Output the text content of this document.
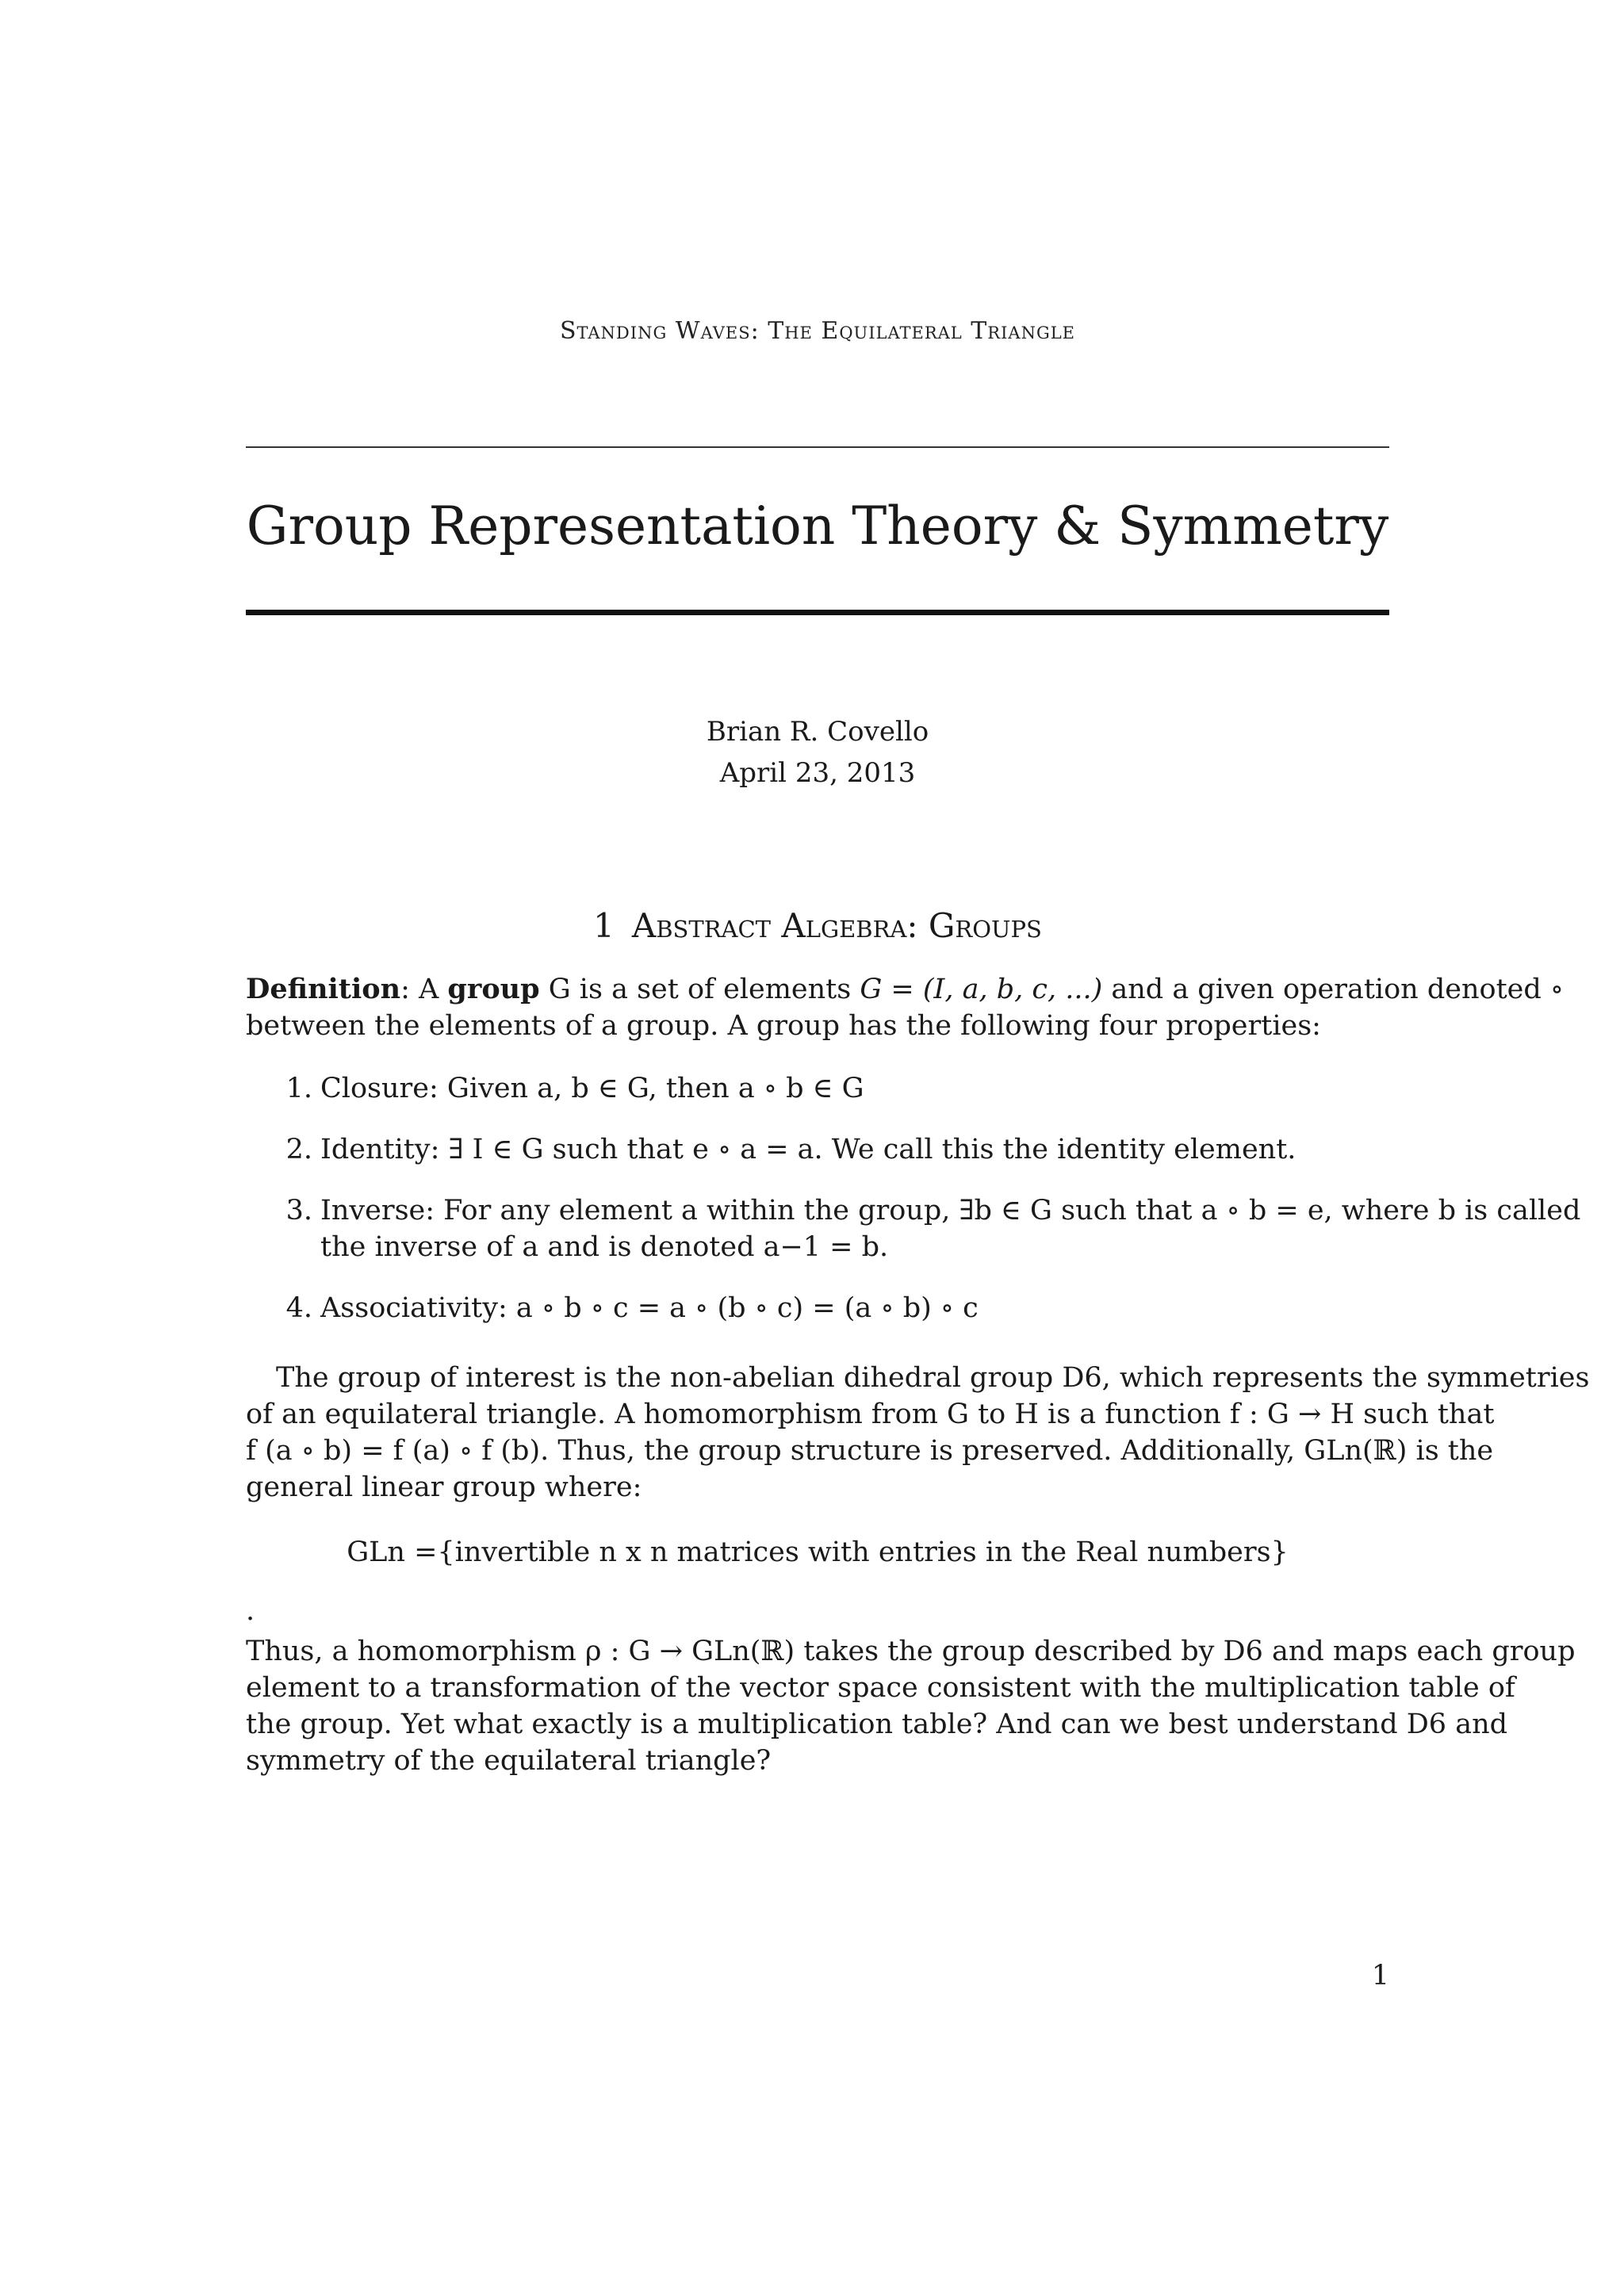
Standing Waves: The Equilateral Triangle
Group Representation Theory & Symmetry
Brian R. Covello
April 23, 2013
1 Abstract Algebra: Groups
Definition: A group G is a set of elements G = (I, a, b, c, ...) and a given operation denoted ∘
between the elements of a group. A group has the following four properties:
1. Closure: Given a, b ∈ G, then a ∘ b ∈ G
2. Identity: ∃ I ∈ G such that e ∘ a = a. We call this the identity element.
3. Inverse: For any element a within the group, ∃b ∈ G such that a ∘ b = e, where b is called
the inverse of a and is denoted a−1 = b.
4. Associativity: a ∘ b ∘ c = a ∘ (b ∘ c) = (a ∘ b) ∘ c
The group of interest is the non-abelian dihedral group D6, which represents the symmetries
of an equilateral triangle. A homomorphism from G to H is a function f : G → H such that
f (a ∘ b) = f (a) ∘ f (b). Thus, the group structure is preserved. Additionally, GLn(ℝ) is the
general linear group where:
GLn ={invertible n x n matrices with entries in the Real numbers}
.
Thus, a homomorphism ρ : G → GLn(ℝ) takes the group described by D6 and maps each group
element to a transformation of the vector space consistent with the multiplication table of
the group. Yet what exactly is a multiplication table? And can we best understand D6 and
symmetry of the equilateral triangle?
1
